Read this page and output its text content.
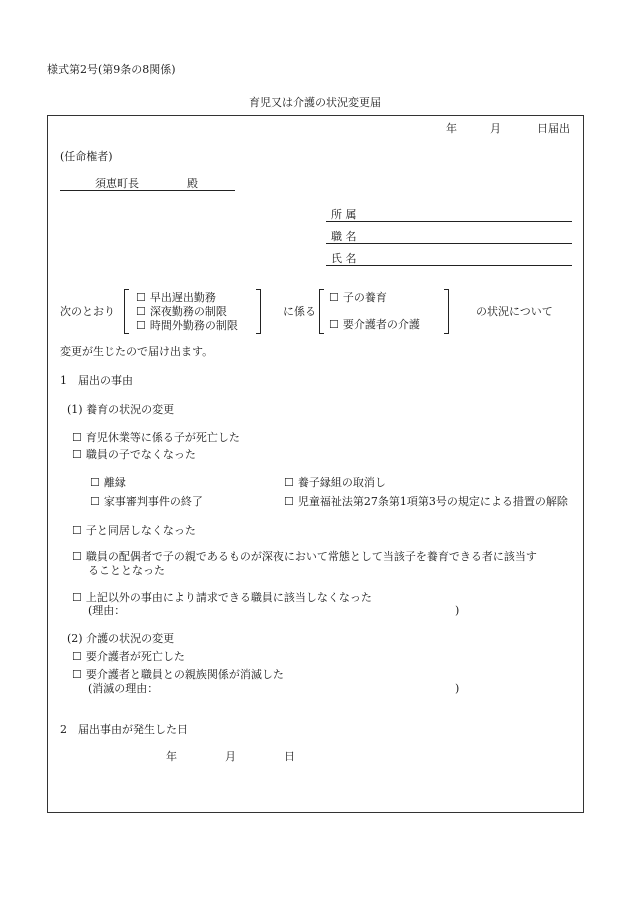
様式第2号(第9条の8関係)
育児又は介護の状況変更届
年	月	日届出
(任命権者)
須恵町長	殿
所 属
職 名
氏 名
次のとおり
☐ 早出遅出勤務
☐ 深夜勤務の制限
☐ 時間外勤務の制限
に係る
☐ 子の養育
☐ 要介護者の介護
の状況について
変更が生じたので届け出ます。
1　届出の事由
(1) 養育の状況の変更
☐ 育児休業等に係る子が死亡した
☐ 職員の子でなくなった
☐ 離縁	☐ 養子縁組の取消し
☐ 家事審判事件の終了	☐ 児童福祉法第27条第1項第3号の規定による措置の解除
☐ 子と同居しなくなった
☐ 職員の配偶者で子の親であるものが深夜において常態として当該子を養育できる者に該当す
ることとなった
☐ 上記以外の事由により請求できる職員に該当しなくなった
(理由：	)
(2) 介護の状況の変更
☐ 要介護者が死亡した
☐ 要介護者と職員との親族関係が消滅した
(消滅の理由：	)
2　届出事由が発生した日
年	月	日
